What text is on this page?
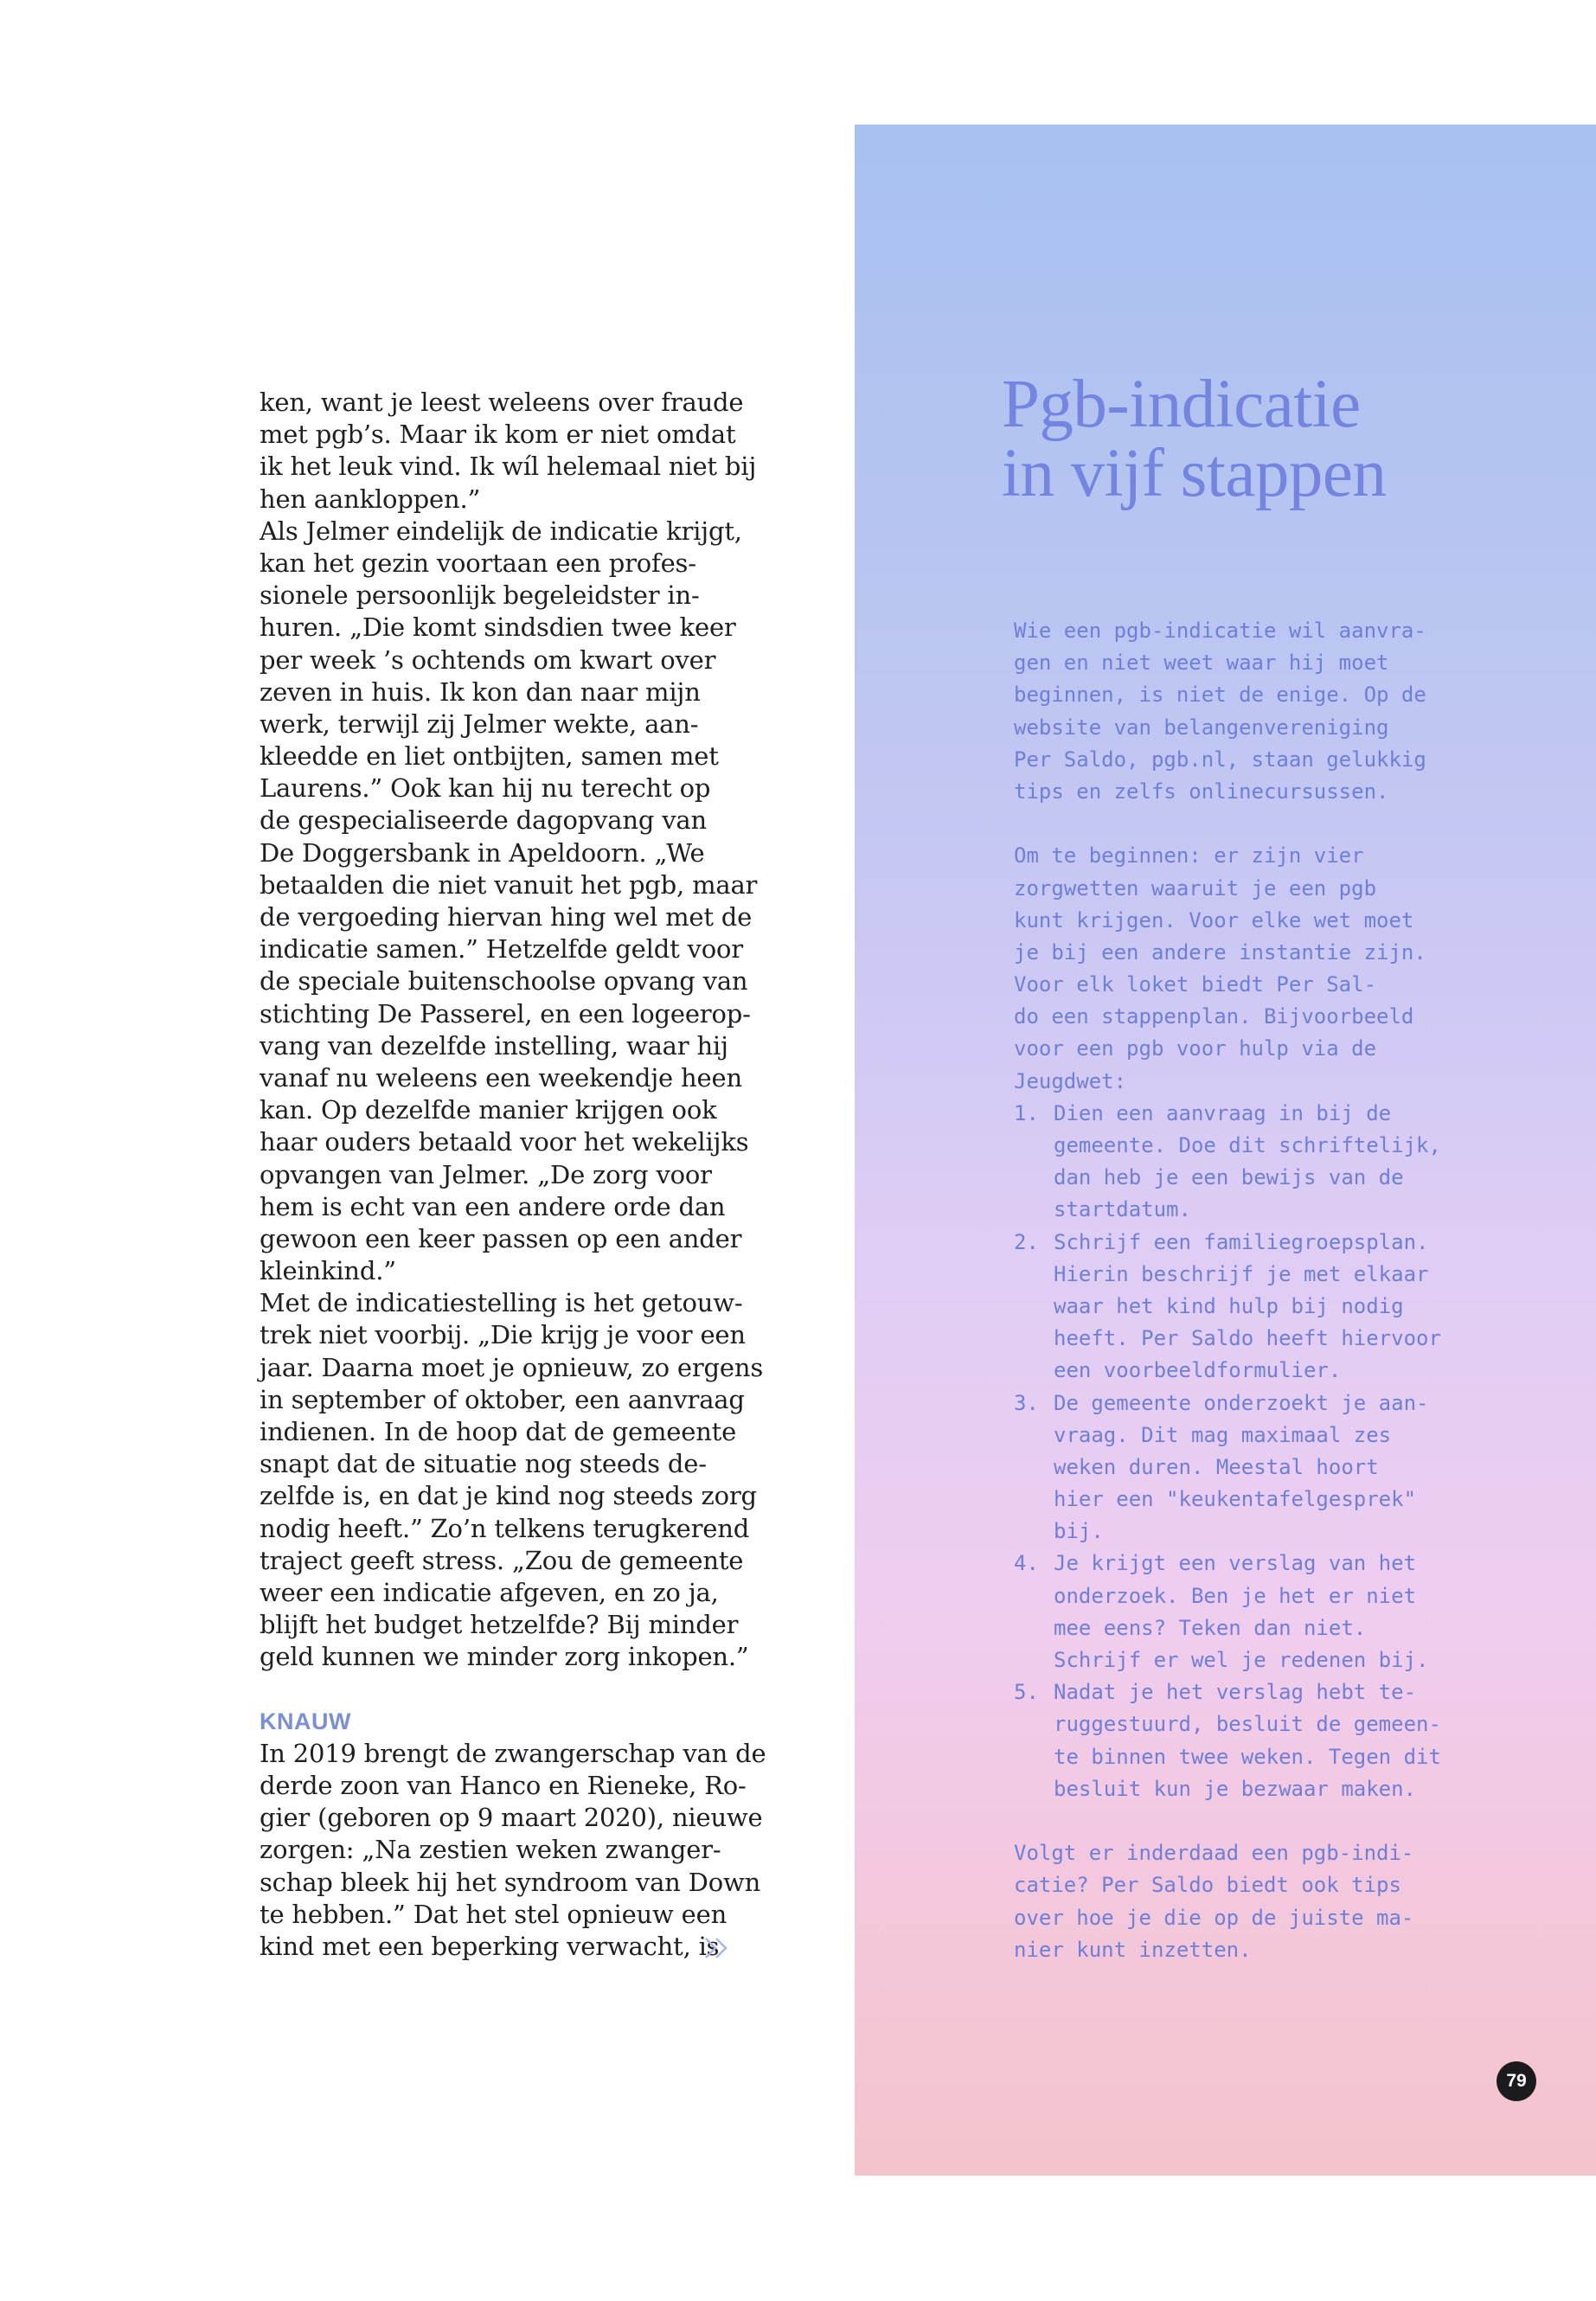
ken, want je leest weleens over fraude
met pgb’s. Maar ik kom er niet omdat
ik het leuk vind. Ik wíl helemaal niet bij
hen aankloppen.”
Als Jelmer eindelijk de indicatie krijgt,
kan het gezin voortaan een profes-
sionele persoonlijk begeleidster in-
huren. „Die komt sindsdien twee keer
per week ’s ochtends om kwart over
zeven in huis. Ik kon dan naar mijn
werk, terwijl zij Jelmer wekte, aan-
kleedde en liet ontbijten, samen met
Laurens.” Ook kan hij nu terecht op
de gespecialiseerde dagopvang van
De Doggersbank in Apeldoorn. „We
betaalden die niet vanuit het pgb, maar
de vergoeding hiervan hing wel met de
indicatie samen.” Hetzelfde geldt voor
de speciale buitenschoolse opvang van
stichting De Passerel, en een logeerop-
vang van dezelfde instelling, waar hij
vanaf nu weleens een weekendje heen
kan. Op dezelfde manier krijgen ook
haar ouders betaald voor het wekelijks
opvangen van Jelmer. „De zorg voor
hem is echt van een andere orde dan
gewoon een keer passen op een ander
kleinkind.”
Met de indicatiestelling is het getouw-
trek niet voorbij. „Die krijg je voor een
jaar. Daarna moet je opnieuw, zo ergens
in september of oktober, een aanvraag
indienen. In de hoop dat de gemeente
snapt dat de situatie nog steeds de-
zelfde is, en dat je kind nog steeds zorg
nodig heeft.” Zo’n telkens terugkerend
traject geeft stress. „Zou de gemeente
weer een indicatie afgeven, en zo ja,
blijft het budget hetzelfde? Bij minder
geld kunnen we minder zorg inkopen.”
KNAUW
In 2019 brengt de zwangerschap van de
derde zoon van Hanco en Rieneke, Ro-
gier (geboren op 9 maart 2020), nieuwe
zorgen: „Na zestien weken zwanger-
schap bleek hij het syndroom van Down
te hebben.” Dat het stel opnieuw een
kind met een beperking verwacht, is
Pgb-indicatie
in vijf stappen
Wie een pgb-indicatie wil aanvra-
gen en niet weet waar hij moet
beginnen, is niet de enige. Op de
website van belangenvereniging
Per Saldo, pgb.nl, staan gelukkig
tips en zelfs onlinecursussen.
Om te beginnen: er zijn vier
zorgwetten waaruit je een pgb
kunt krijgen. Voor elke wet moet
je bij een andere instantie zijn.
Voor elk loket biedt Per Sal-
do een stappenplan. Bijvoorbeeld
voor een pgb voor hulp via de
Jeugdwet:
1. Dien een aanvraag in bij de
gemeente. Doe dit schriftelijk,
dan heb je een bewijs van de
startdatum.
2. Schrijf een familiegroepsplan.
Hierin beschrijf je met elkaar
waar het kind hulp bij nodig
heeft. Per Saldo heeft hiervoor
een voorbeeldformulier.
3. De gemeente onderzoekt je aan-
vraag. Dit mag maximaal zes
weken duren. Meestal hoort
hier een "keukentafelgesprek"
bij.
4. Je krijgt een verslag van het
onderzoek. Ben je het er niet
mee eens? Teken dan niet.
Schrijf er wel je redenen bij.
5. Nadat je het verslag hebt te-
ruggestuurd, besluit de gemeen-
te binnen twee weken. Tegen dit
besluit kun je bezwaar maken.
Volgt er inderdaad een pgb-indi-
catie? Per Saldo biedt ook tips
over hoe je die op de juiste ma-
nier kunt inzetten.
79
